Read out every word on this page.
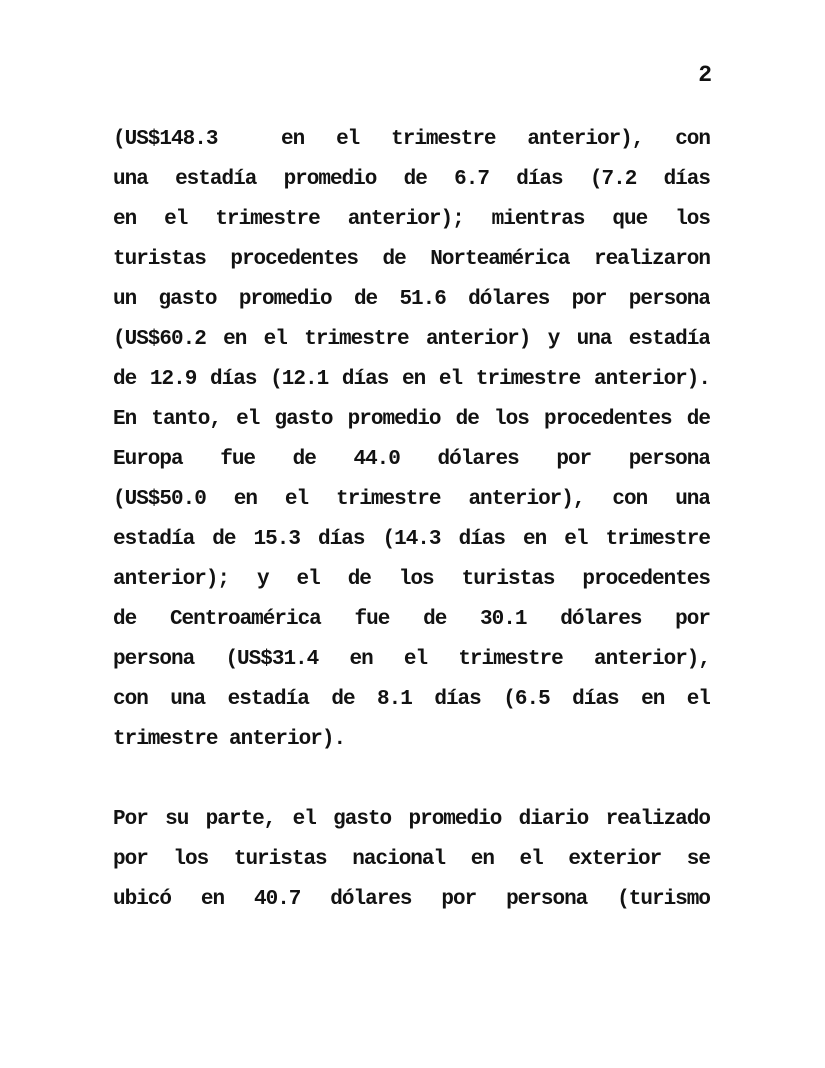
2
(US$148.3  en el trimestre anterior), con
una estadía promedio de 6.7 días (7.2 días
en el trimestre anterior); mientras que los
turistas procedentes de Norteamérica realizaron
un gasto promedio de 51.6 dólares por persona
(US$60.2 en el trimestre anterior) y una estadía
de 12.9 días (12.1 días en el trimestre anterior).
En tanto, el gasto promedio de los procedentes de
Europa fue de 44.0 dólares por persona
(US$50.0 en el trimestre anterior), con una
estadía de 15.3 días (14.3 días en el trimestre
anterior); y el de los turistas procedentes
de Centroamérica fue de 30.1 dólares por
persona (US$31.4 en el trimestre anterior),
con una estadía de 8.1 días (6.5 días en el
trimestre anterior).
Por su parte, el gasto promedio diario realizado
por los turistas nacional en el exterior se
ubicó en 40.7 dólares por persona (turismo
